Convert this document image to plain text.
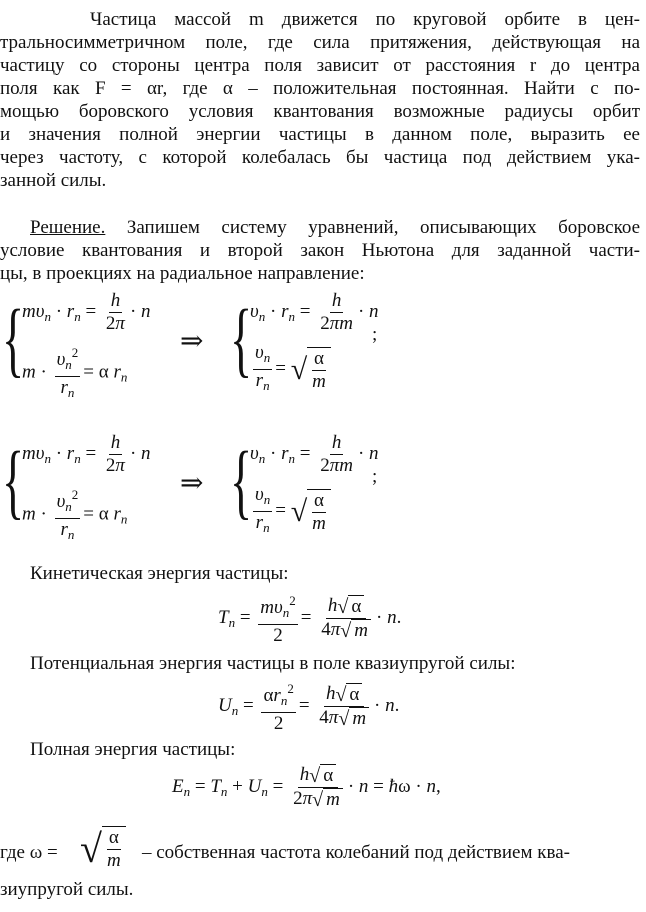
Частица массой m движется по круговой орбите в цен-
тральносимметричном поле, где сила притяжения, действующая на
частицу со стороны центра поля зависит от расстояния r до центра
поля как F = αr, где α – положительная постоянная. Найти с по-
мощью боровского условия квантования возможные радиусы орбит
и значения полной энергии частицы в данном поле, выразить ее
через частоту, с которой колебалась бы частица под действием ука-
занной силы.
Решение. Запишем систему уравнений, описывающих боровское
условие квантования и второй закон Ньютона для заданной части-
цы, в проекциях на радиальное направление:
{
$m\upsilon_n \cdot r_n = \frac{h}{2\pi} \cdot n$
$m \cdot \frac{\upsilon_n^2}{r_n} = \alpha$ $r_n$
⇒ {
$\upsilon_n \cdot r_n = \frac{h}{2\pi m} \cdot n$
$\frac{\upsilon_n}{r_n}$ = √ $\frac{\alpha}{m}$
;
{
$m\upsilon_n \cdot r_n = \frac{h}{2\pi} \cdot n$
$m \cdot \frac{\upsilon_n^2}{r_n} = \alpha$ $r_n$
⇒ {
$\upsilon_n \cdot r_n = \frac{h}{2\pi m} \cdot n$
$\frac{\upsilon_n}{r_n}$ = √ $\frac{\alpha}{m}$
;
Кинетическая энергия частицы:
$T_n = \frac{m\upsilon_n^2}{2} = \frac{h √ \alpha}{4\pi √ m} \cdot n$.
Потенциальная энергия частицы в поле квазиупругой силы:
$U_n = \frac{\alpha r_n^2}{2} = \frac{h √ \alpha}{4\pi √ m} \cdot n$.
Полная энергия частицы:
$E_n = T_n + U_n = \frac{h √ \alpha}{2\pi √ m} \cdot n$ = ħω · n,
где ω = √ $\frac{\alpha}{m}$ – собственная частота колебаний под действием ква-
зиупругой силы.
